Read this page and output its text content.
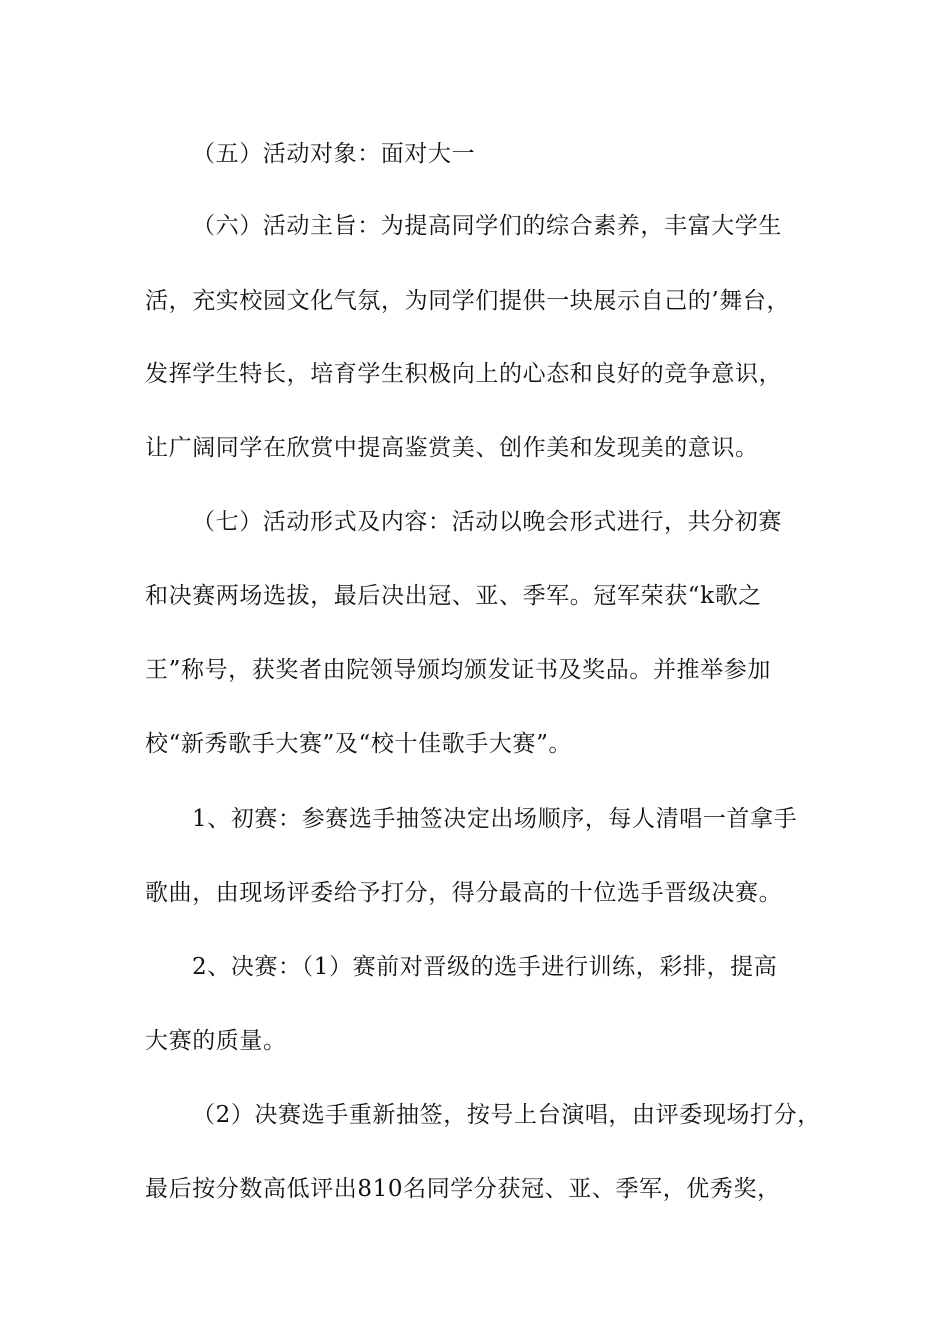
（五）活动对象：面对大一
（六）活动主旨：为提高同学们的综合素养，丰富大学生
活，充实校园文化气氛，为同学们提供一块展示自己的’舞台，
发挥学生特长，培育学生积极向上的心态和良好的竞争意识，
让广阔同学在欣赏中提高鉴赏美、创作美和发现美的意识。
（七）活动形式及内容：活动以晚会形式进行，共分初赛
和决赛两场选拔，最后决出冠、亚、季军。冠军荣获“k歌之
王”称号，获奖者由院领导颁均颁发证书及奖品。并推举参加
校“新秀歌手大赛”及“校十佳歌手大赛”。
1、初赛：参赛选手抽签决定出场顺序，每人清唱一首拿手
歌曲，由现场评委给予打分，得分最高的十位选手晋级决赛。
2、决赛：（1）赛前对晋级的选手进行训练，彩排，提高
大赛的质量。
（2）决赛选手重新抽签，按号上台演唱，由评委现场打分，
最后按分数高低评出810名同学分获冠、亚、季军，优秀奖，
